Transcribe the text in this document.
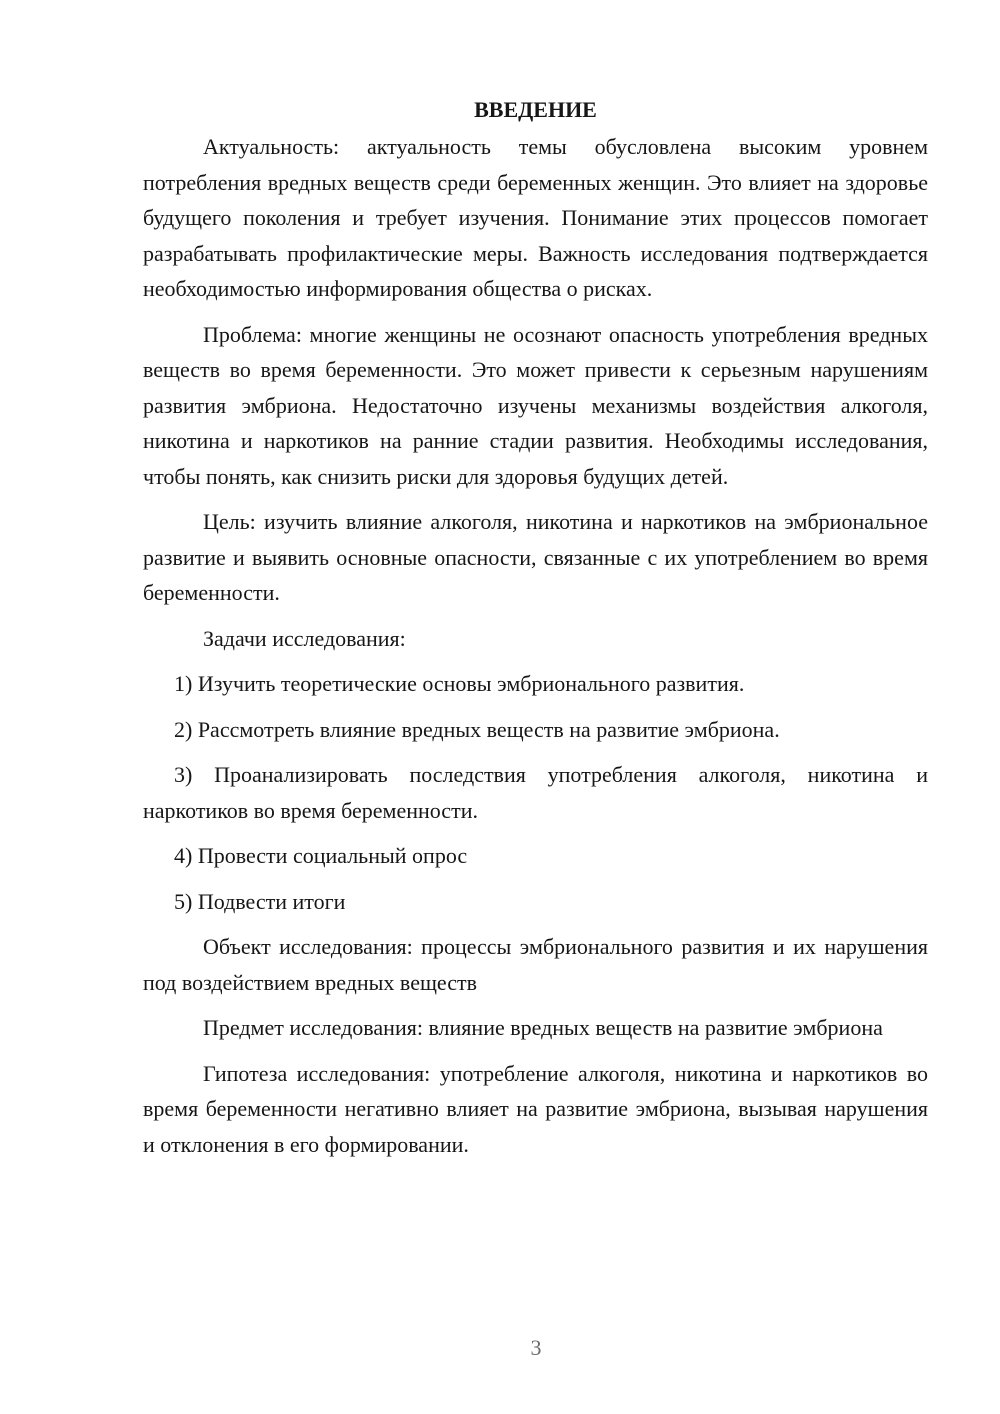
ВВЕДЕНИЕ

Актуальность: актуальность темы обусловлена высоким уровнем потребления вредных веществ среди беременных женщин. Это влияет на здоровье будущего поколения и требует изучения. Понимание этих процессов помогает разрабатывать профилактические меры. Важность исследования подтверждается необходимостью информирования общества о рисках.

Проблема: многие женщины не осознают опасность употребления вредных веществ во время беременности. Это может привести к серьезным нарушениям развития эмбриона. Недостаточно изучены механизмы воздействия алкоголя, никотина и наркотиков на ранние стадии развития. Необходимы исследования, чтобы понять, как снизить риски для здоровья будущих детей.

Цель: изучить влияние алкоголя, никотина и наркотиков на эмбриональное развитие и выявить основные опасности, связанные с их употреблением во время беременности.

Задачи исследования:

1) Изучить теоретические основы эмбрионального развития.

2) Рассмотреть влияние вредных веществ на развитие эмбриона.

3) Проанализировать последствия употребления алкоголя, никотина и наркотиков во время беременности.

4) Провести социальный опрос

5) Подвести итоги

Объект исследования: процессы эмбрионального развития и их нарушения под воздействием вредных веществ

Предмет исследования: влияние вредных веществ на развитие эмбриона

Гипотеза исследования: употребление алкоголя, никотина и наркотиков во время беременности негативно влияет на развитие эмбриона, вызывая нарушения и отклонения в его формировании.

3
